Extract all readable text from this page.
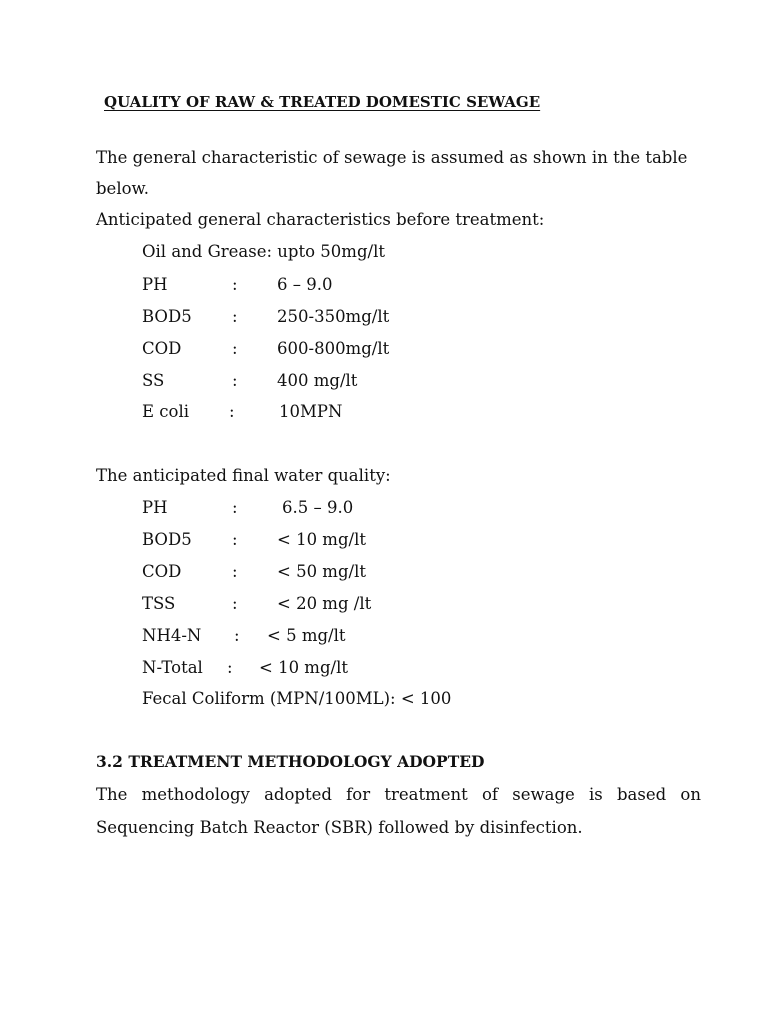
QUALITY OF RAW & TREATED DOMESTIC SEWAGE
The general characteristic of sewage is assumed as shown in the table
below.
Anticipated general characteristics before treatment:
Oil and Grease: upto 50mg/lt
PH	: 6 – 9.0
BOD5 : 250-350mg/lt
COD	: 600-800mg/lt
SS	: 400 mg/lt
E coli :	10MPN
The anticipated final water quality:
PH	:	6.5 – 9.0
BOD5 : < 10 mg/lt
COD	: < 50 mg/lt
TSS	: < 20 mg /lt
NH4-N : < 5 mg/lt
N-Total : < 10 mg/lt
Fecal Coliform (MPN/100ML): < 100
3.2 TREATMENT METHODOLOGY ADOPTED
The methodology adopted for treatment of sewage is based on
Sequencing Batch Reactor (SBR) followed by disinfection.
